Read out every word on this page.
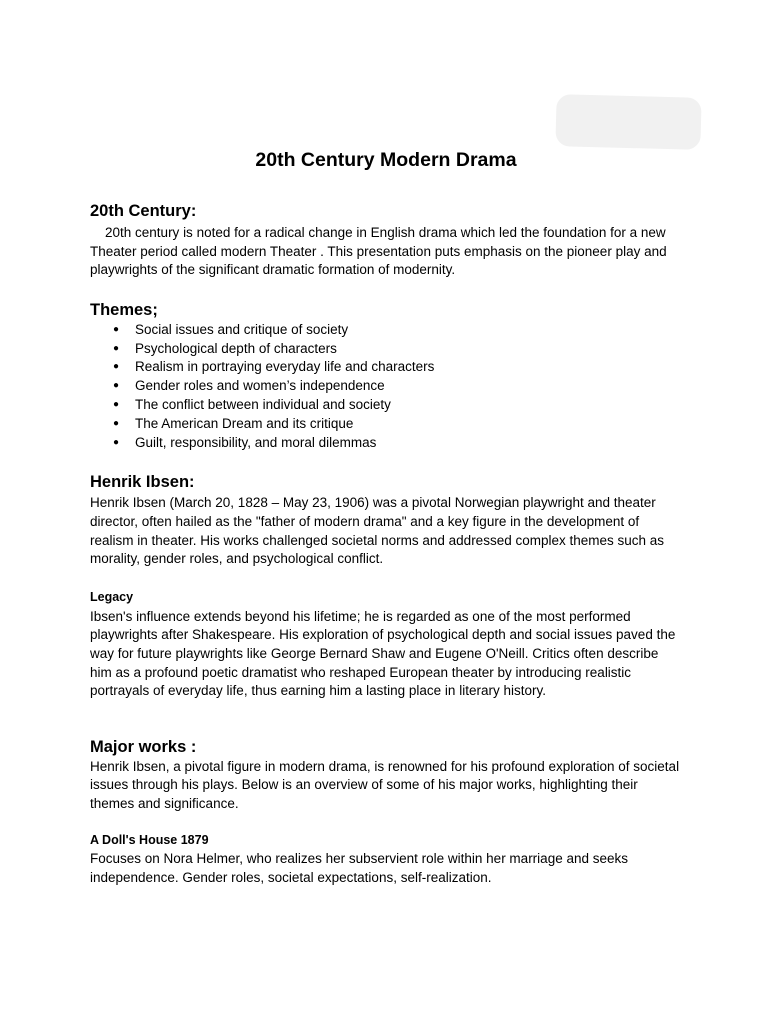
20th Century Modern Drama
20th Century:

20th century is noted for a radical change in English drama which led the foundation for a new Theater period called modern Theater . This presentation puts emphasis on the pioneer play and playwrights of the significant dramatic formation of modernity.

Themes;
● Social issues and critique of society
● Psychological depth of characters
● Realism in portraying everyday life and characters
● Gender roles and women’s independence
● The conflict between individual and society
● The American Dream and its critique
● Guilt, responsibility, and moral dilemmas
Henrik Ibsen:

Henrik Ibsen (March 20, 1828 – May 23, 1906) was a pivotal Norwegian playwright and theater director, often hailed as the "father of modern drama" and a key figure in the development of realism in theater. His works challenged societal norms and addressed complex themes such as morality, gender roles, and psychological conflict.

Legacy

Ibsen's influence extends beyond his lifetime; he is regarded as one of the most performed playwrights after Shakespeare. His exploration of psychological depth and social issues paved the way for future playwrights like George Bernard Shaw and Eugene O'Neill. Critics often describe him as a profound poetic dramatist who reshaped European theater by introducing realistic portrayals of everyday life, thus earning him a lasting place in literary history.

Major works :

Henrik Ibsen, a pivotal figure in modern drama, is renowned for his profound exploration of societal issues through his plays. Below is an overview of some of his major works, highlighting their themes and significance.

A Doll's House 1879

Focuses on Nora Helmer, who realizes her subservient role within her marriage and seeks independence. Gender roles, societal expectations, self-realization.
